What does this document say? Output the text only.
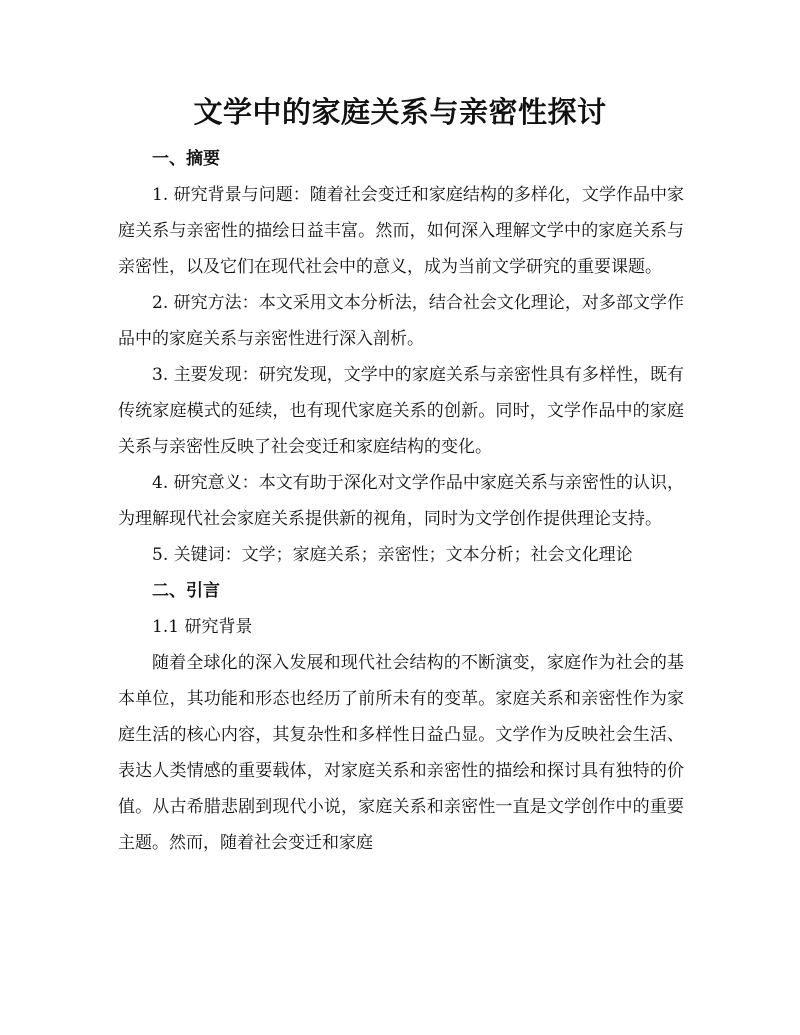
文学中的家庭关系与亲密性探讨

一、摘要

1. 研究背景与问题：随着社会变迁和家庭结构的多样化，文学作品中家庭关系与亲密性的描绘日益丰富。然而，如何深入理解文学中的家庭关系与亲密性，以及它们在现代社会中的意义，成为当前文学研究的重要课题。

2. 研究方法：本文采用文本分析法，结合社会文化理论，对多部文学作品中的家庭关系与亲密性进行深入剖析。

3. 主要发现：研究发现，文学中的家庭关系与亲密性具有多样性，既有传统家庭模式的延续，也有现代家庭关系的创新。同时，文学作品中的家庭关系与亲密性反映了社会变迁和家庭结构的变化。

4. 研究意义：本文有助于深化对文学作品中家庭关系与亲密性的认识，为理解现代社会家庭关系提供新的视角，同时为文学创作提供理论支持。

5. 关键词：文学；家庭关系；亲密性；文本分析；社会文化理论

二、引言

1.1 研究背景

随着全球化的深入发展和现代社会结构的不断演变，家庭作为社会的基本单位，其功能和形态也经历了前所未有的变革。家庭关系和亲密性作为家庭生活的核心内容，其复杂性和多样性日益凸显。文学作为反映社会生活、表达人类情感的重要载体，对家庭关系和亲密性的描绘和探讨具有独特的价值。从古希腊悲剧到现代小说，家庭关系和亲密性一直是文学创作中的重要主题。然而，随着社会变迁和家庭
